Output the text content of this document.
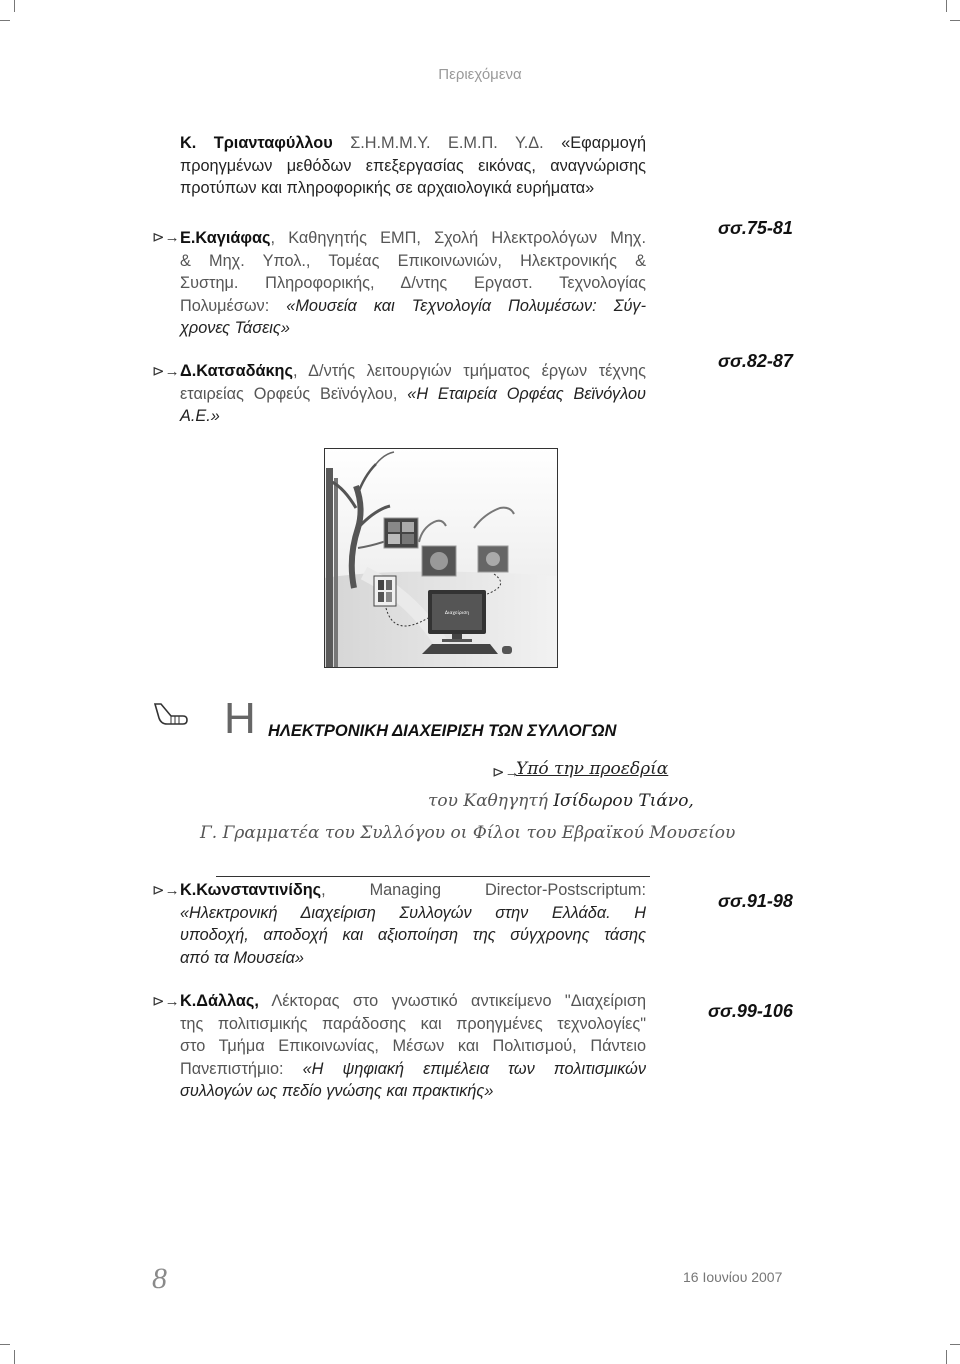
Περιεχόμενα
Κ. Τριανταφύλλου Σ.Η.Μ.Μ.Υ. Ε.Μ.Π. Υ.Δ. «Εφαρμογή
προηγμένων μεθόδων επεξεργασίας εικόνας, αναγνώρισης
προτύπων και πληροφορικής σε αρχαιολογικά ευρήματα»
⊳→ Ε.Καγιάφας, Καθηγητής ΕΜΠ, Σχολή Ηλεκτρολόγων Μηχ.
& Μηχ. Υπολ., Τομέας Επικοινωνιών, Ηλεκτρονικής &
Συστημ. Πληροφορικής, Δ/ντης Εργαστ. Τεχνολογίας
Πολυμέσων: «Μουσεία και Τεχνολογία Πολυμέσων: Σύγ-
χρονες Τάσεις»
σσ.75-81
⊳→ Δ.Κατσαδάκης, Δ/ντής λειτουργιών τμήματος έργων τέχνης
εταιρείας Ορφεύς Βεϊνόγλου, «Η Εταιρεία Ορφέας Βεϊνόγλου
Α.Ε.»
σσ.82-87
Διαχείριση
Η ΗΛΕΚΤΡΟΝΙΚΗ ΔΙΑΧΕΙΡΙΣΗ ΤΩΝ ΣΥΛΛΟΓΩΝ
⊳→
Υπό την προεδρία
του Καθηγητή Ισίδωρου Τιάνο,
Γ. Γραμματέα του Συλλόγου οι Φίλοι του Εβραϊκού Μουσείου
⊳→ Κ.Κωνσταντινίδης, Managing Director-Postscriptum:
«Ηλεκτρονική Διαχείριση Συλλογών στην Ελλάδα. Η
υποδοχή, αποδοχή και αξιοποίηση της σύγχρονης τάσης
από τα Μουσεία»
σσ.91-98
⊳→ Κ.Δάλλας, Λέκτορας στο γνωστικό αντικείμενο "Διαχείριση
της πολιτισμικής παράδοσης και προηγμένες τεχνολογίες"
στο Τμήμα Επικοινωνίας, Μέσων και Πολιτισμού, Πάντειο
Πανεπιστήμιο: «Η ψηφιακή επιμέλεια των πολιτισμικών
συλλογών ως πεδίο γνώσης και πρακτικής»
σσ.99-106
8	16 Ιουνίου 2007
